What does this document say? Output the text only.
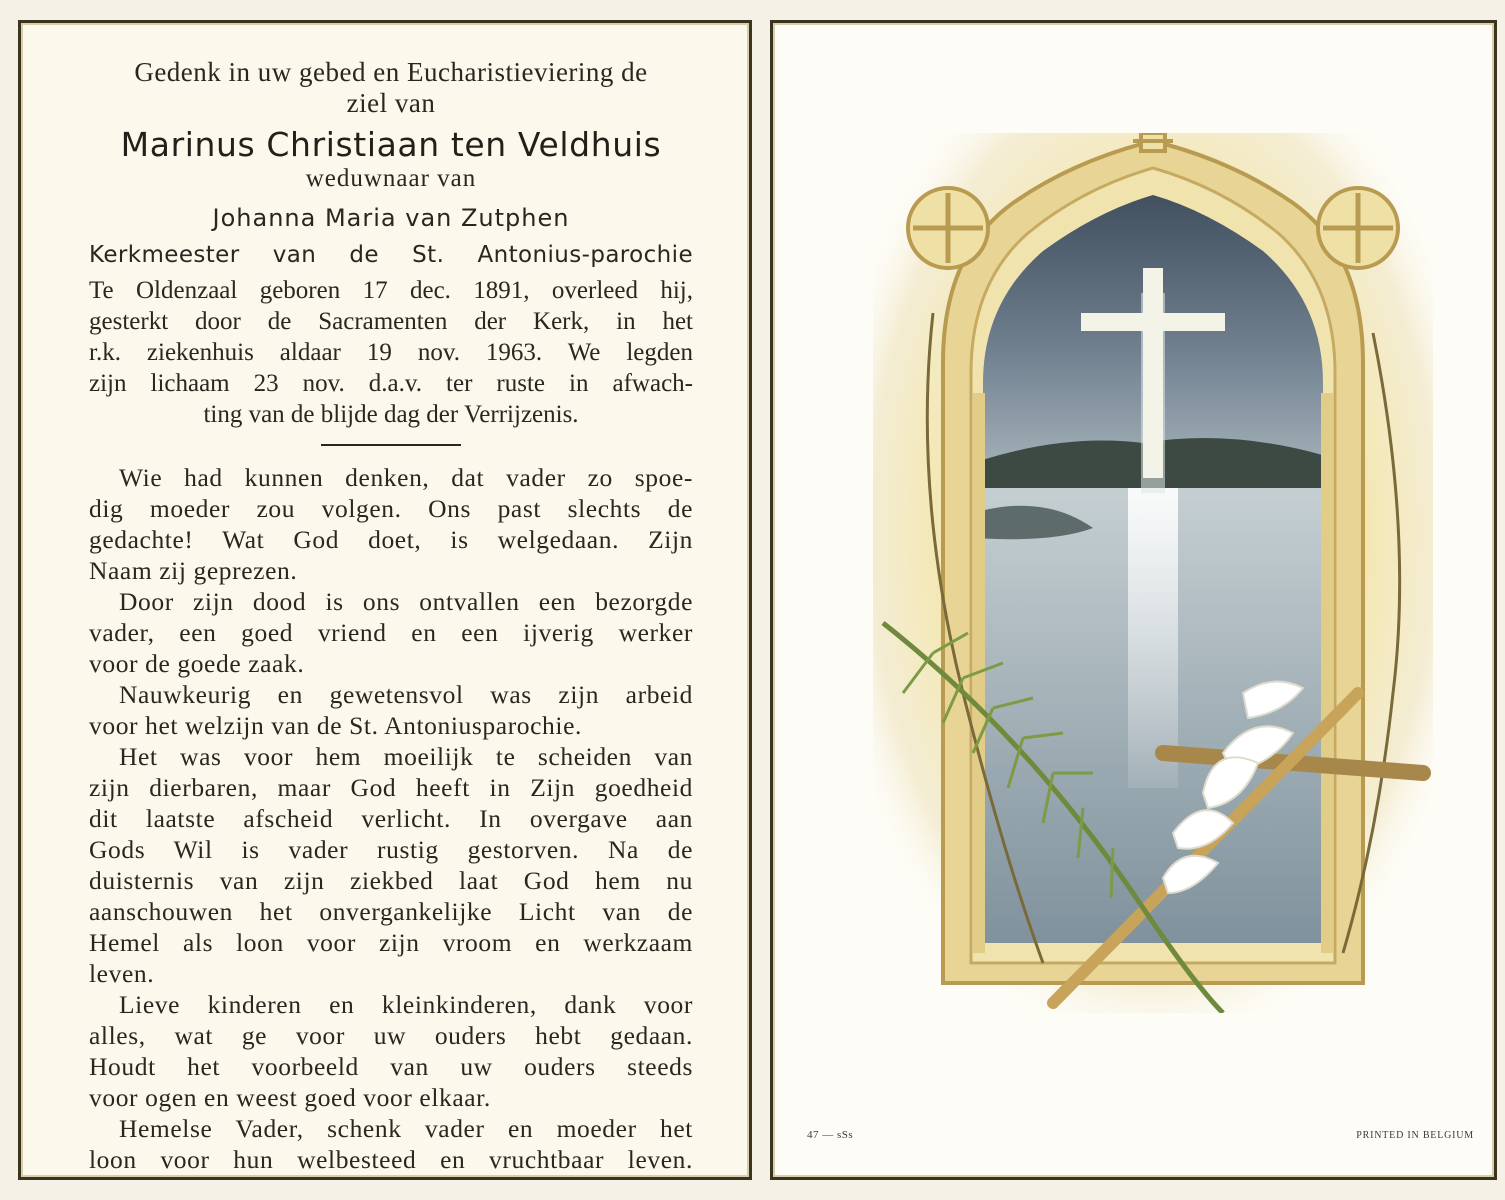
Gedenk in uw gebed en Eucharistieviering de
ziel van

Marinus Christiaan ten Veldhuis

weduwnaar van

Johanna Maria van Zutphen

Kerkmeester van de St. Antonius-parochie

Te Oldenzaal geboren 17 dec. 1891, overleed hij,
gesterkt door de Sacramenten der Kerk, in het
r.k. ziekenhuis aldaar 19 nov. 1963. We legden
zijn lichaam 23 nov. d.a.v. ter ruste in afwach-
ting van de blijde dag der Verrijzenis.

Wie had kunnen denken, dat vader zo spoe-
dig moeder zou volgen. Ons past slechts de
gedachte! Wat God doet, is welgedaan. Zijn
Naam zij geprezen.

Door zijn dood is ons ontvallen een bezorgde
vader, een goed vriend en een ijverig werker
voor de goede zaak.

Nauwkeurig en gewetensvol was zijn arbeid
voor het welzijn van de St. Antoniusparochie.

Het was voor hem moeilijk te scheiden van
zijn dierbaren, maar God heeft in Zijn goedheid
dit laatste afscheid verlicht. In overgave aan
Gods Wil is vader rustig gestorven. Na de
duisternis van zijn ziekbed laat God hem nu
aanschouwen het onvergankelijke Licht van de
Hemel als loon voor zijn vroom en werkzaam
leven.

Lieve kinderen en kleinkinderen, dank voor
alles, wat ge voor uw ouders hebt gedaan.
Houdt het voorbeeld van uw ouders steeds
voor ogen en weest goed voor elkaar.

Hemelse Vader, schenk vader en moeder het
loon voor hun welbesteed en vruchtbaar leven.

47 — sSs	PRINTED IN BELGIUM
